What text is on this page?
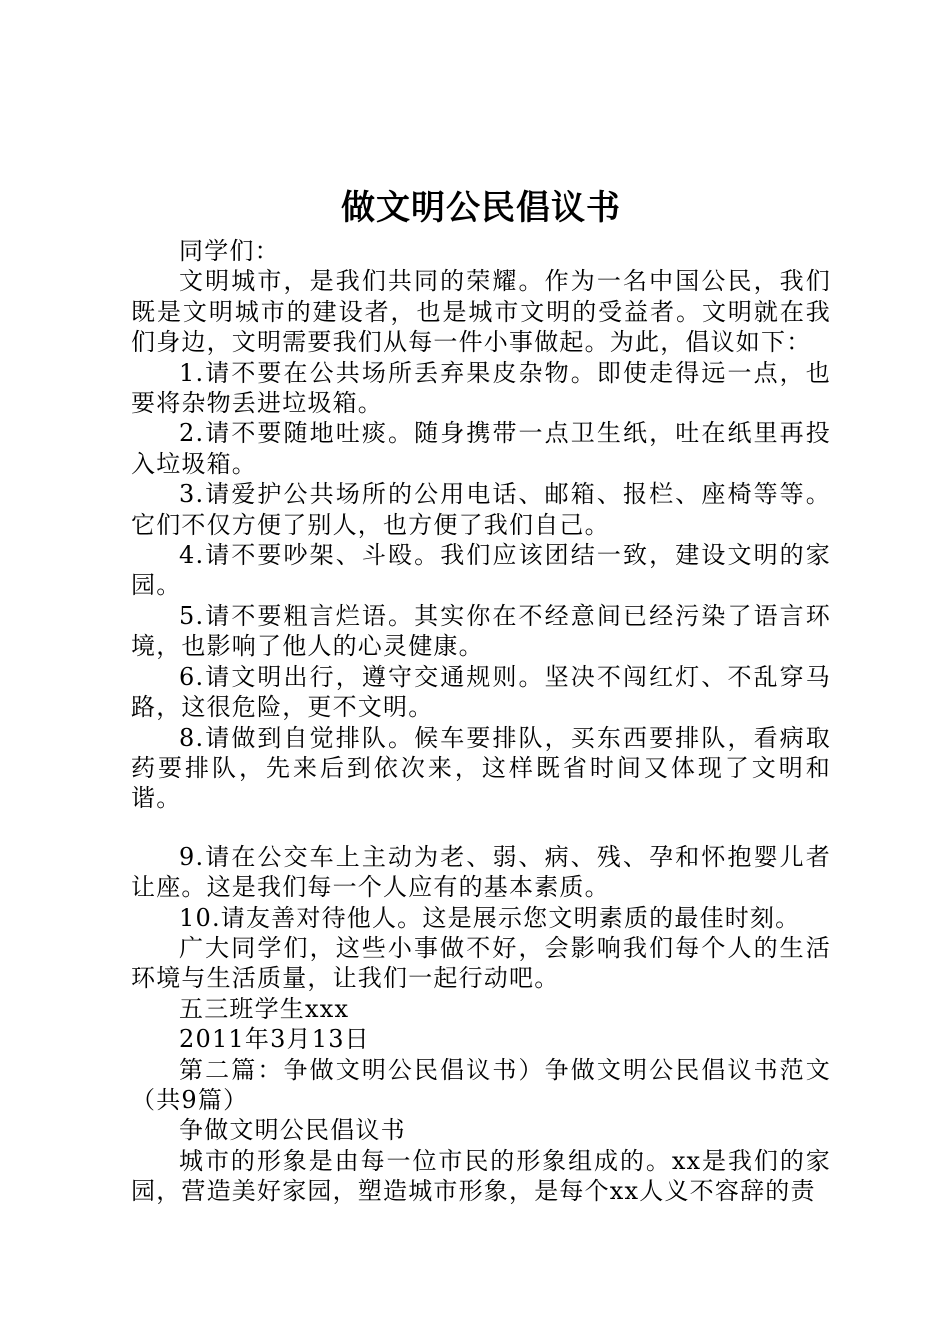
做文明公民倡议书

同学们：

文明城市，是我们共同的荣耀。作为一名中国公民，我们既是文明城市的建设者，也是城市文明的受益者。文明就在我们身边，文明需要我们从每一件小事做起。为此，倡议如下：

1.请不要在公共场所丢弃果皮杂物。即使走得远一点，也要将杂物丢进垃圾箱。

2.请不要随地吐痰。随身携带一点卫生纸，吐在纸里再投入垃圾箱。

3.请爱护公共场所的公用电话、邮箱、报栏、座椅等等。它们不仅方便了别人，也方便了我们自己。

4.请不要吵架、斗殴。我们应该团结一致，建设文明的家园。

5.请不要粗言烂语。其实你在不经意间已经污染了语言环境，也影响了他人的心灵健康。

6.请文明出行，遵守交通规则。坚决不闯红灯、不乱穿马路，这很危险，更不文明。

8.请做到自觉排队。候车要排队，买东西要排队，看病取药要排队，先来后到依次来，这样既省时间又体现了文明和谐。

9.请在公交车上主动为老、弱、病、残、孕和怀抱婴儿者让座。这是我们每一个人应有的基本素质。

10.请友善对待他人。这是展示您文明素质的最佳时刻。

广大同学们，这些小事做不好，会影响我们每个人的生活环境与生活质量，让我们一起行动吧。

五三班学生xxx

2011年3月13日

第二篇：争做文明公民倡议书）争做文明公民倡议书范文（共9篇）

争做文明公民倡议书

城市的形象是由每一位市民的形象组成的。xx是我们的家园，营造美好家园，塑造城市形象，是每个xx人义不容辞的责
